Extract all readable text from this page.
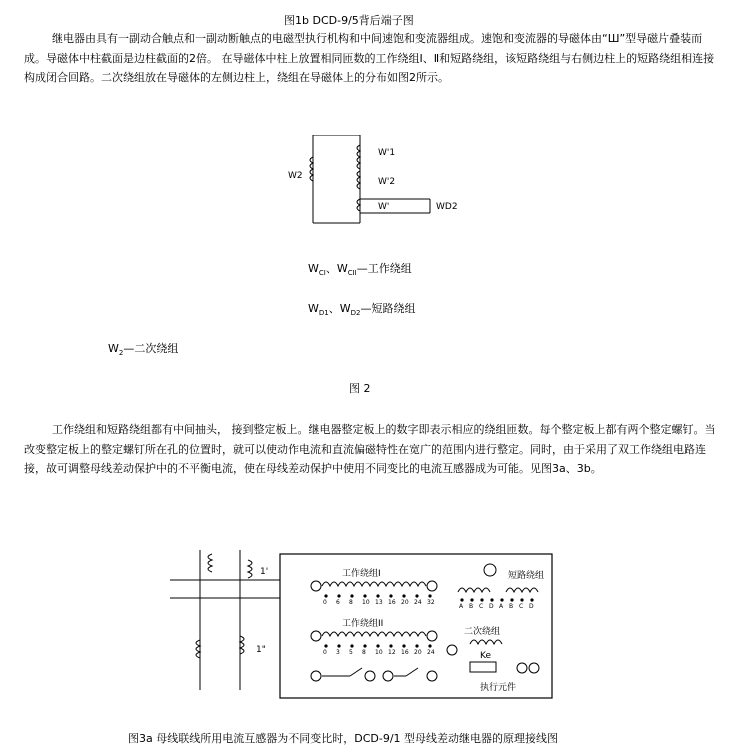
图1b DCD-9/5背后端子图
继电器由具有一副动合触点和一副动断触点的电磁型执行机构和中间速饱和变流器组成。速饱和变流器的导磁体由“Ш”型导磁片叠装而成。导磁体中柱截面是边柱截面的2倍。 在导磁体中柱上放置相同匝数的工作绕组Ⅰ、Ⅱ和短路绕组，该短路绕组与右侧边柱上的短路绕组相连接构成闭合回路。二次绕组放在导磁体的左侧边柱上，绕组在导磁体上的分布如图2所示。
W2
W'1
W'2
W'	WD2
$W_{CI}$、$W_{CII}—$工作绕组
$W_{D1}$、$W_{D2}—$短路绕组
$W_2—$二次绕组
图 2
工作绕组和短路绕组都有中间抽头， 接到整定板上。继电器整定板上的数字即表示相应的绕组匝数。每个整定板上都有两个整定螺钉。当改变整定板上的整定螺钉所在孔的位置时，就可以使动作电流和直流偏磁特性在宽广的范围内进行整定。同时，由于采用了双工作绕组电路连接，故可调整母线差动保护中的不平衡电流，使在母线差动保护中使用不同变比的电流互感器成为可能。见图3a、3b。
1'
1"
工作绕组I
0 6 8 10 13 16 20 24 32
工作绕组II
0 3 5 8 10 12 16 20 24
短路绕组
A B C D A B C D
二次绕组
Ke
执行元件
图3a 母线联线所用电流互感器为不同变比时，DCD-9/1 型母线差动继电器的原理接线图
